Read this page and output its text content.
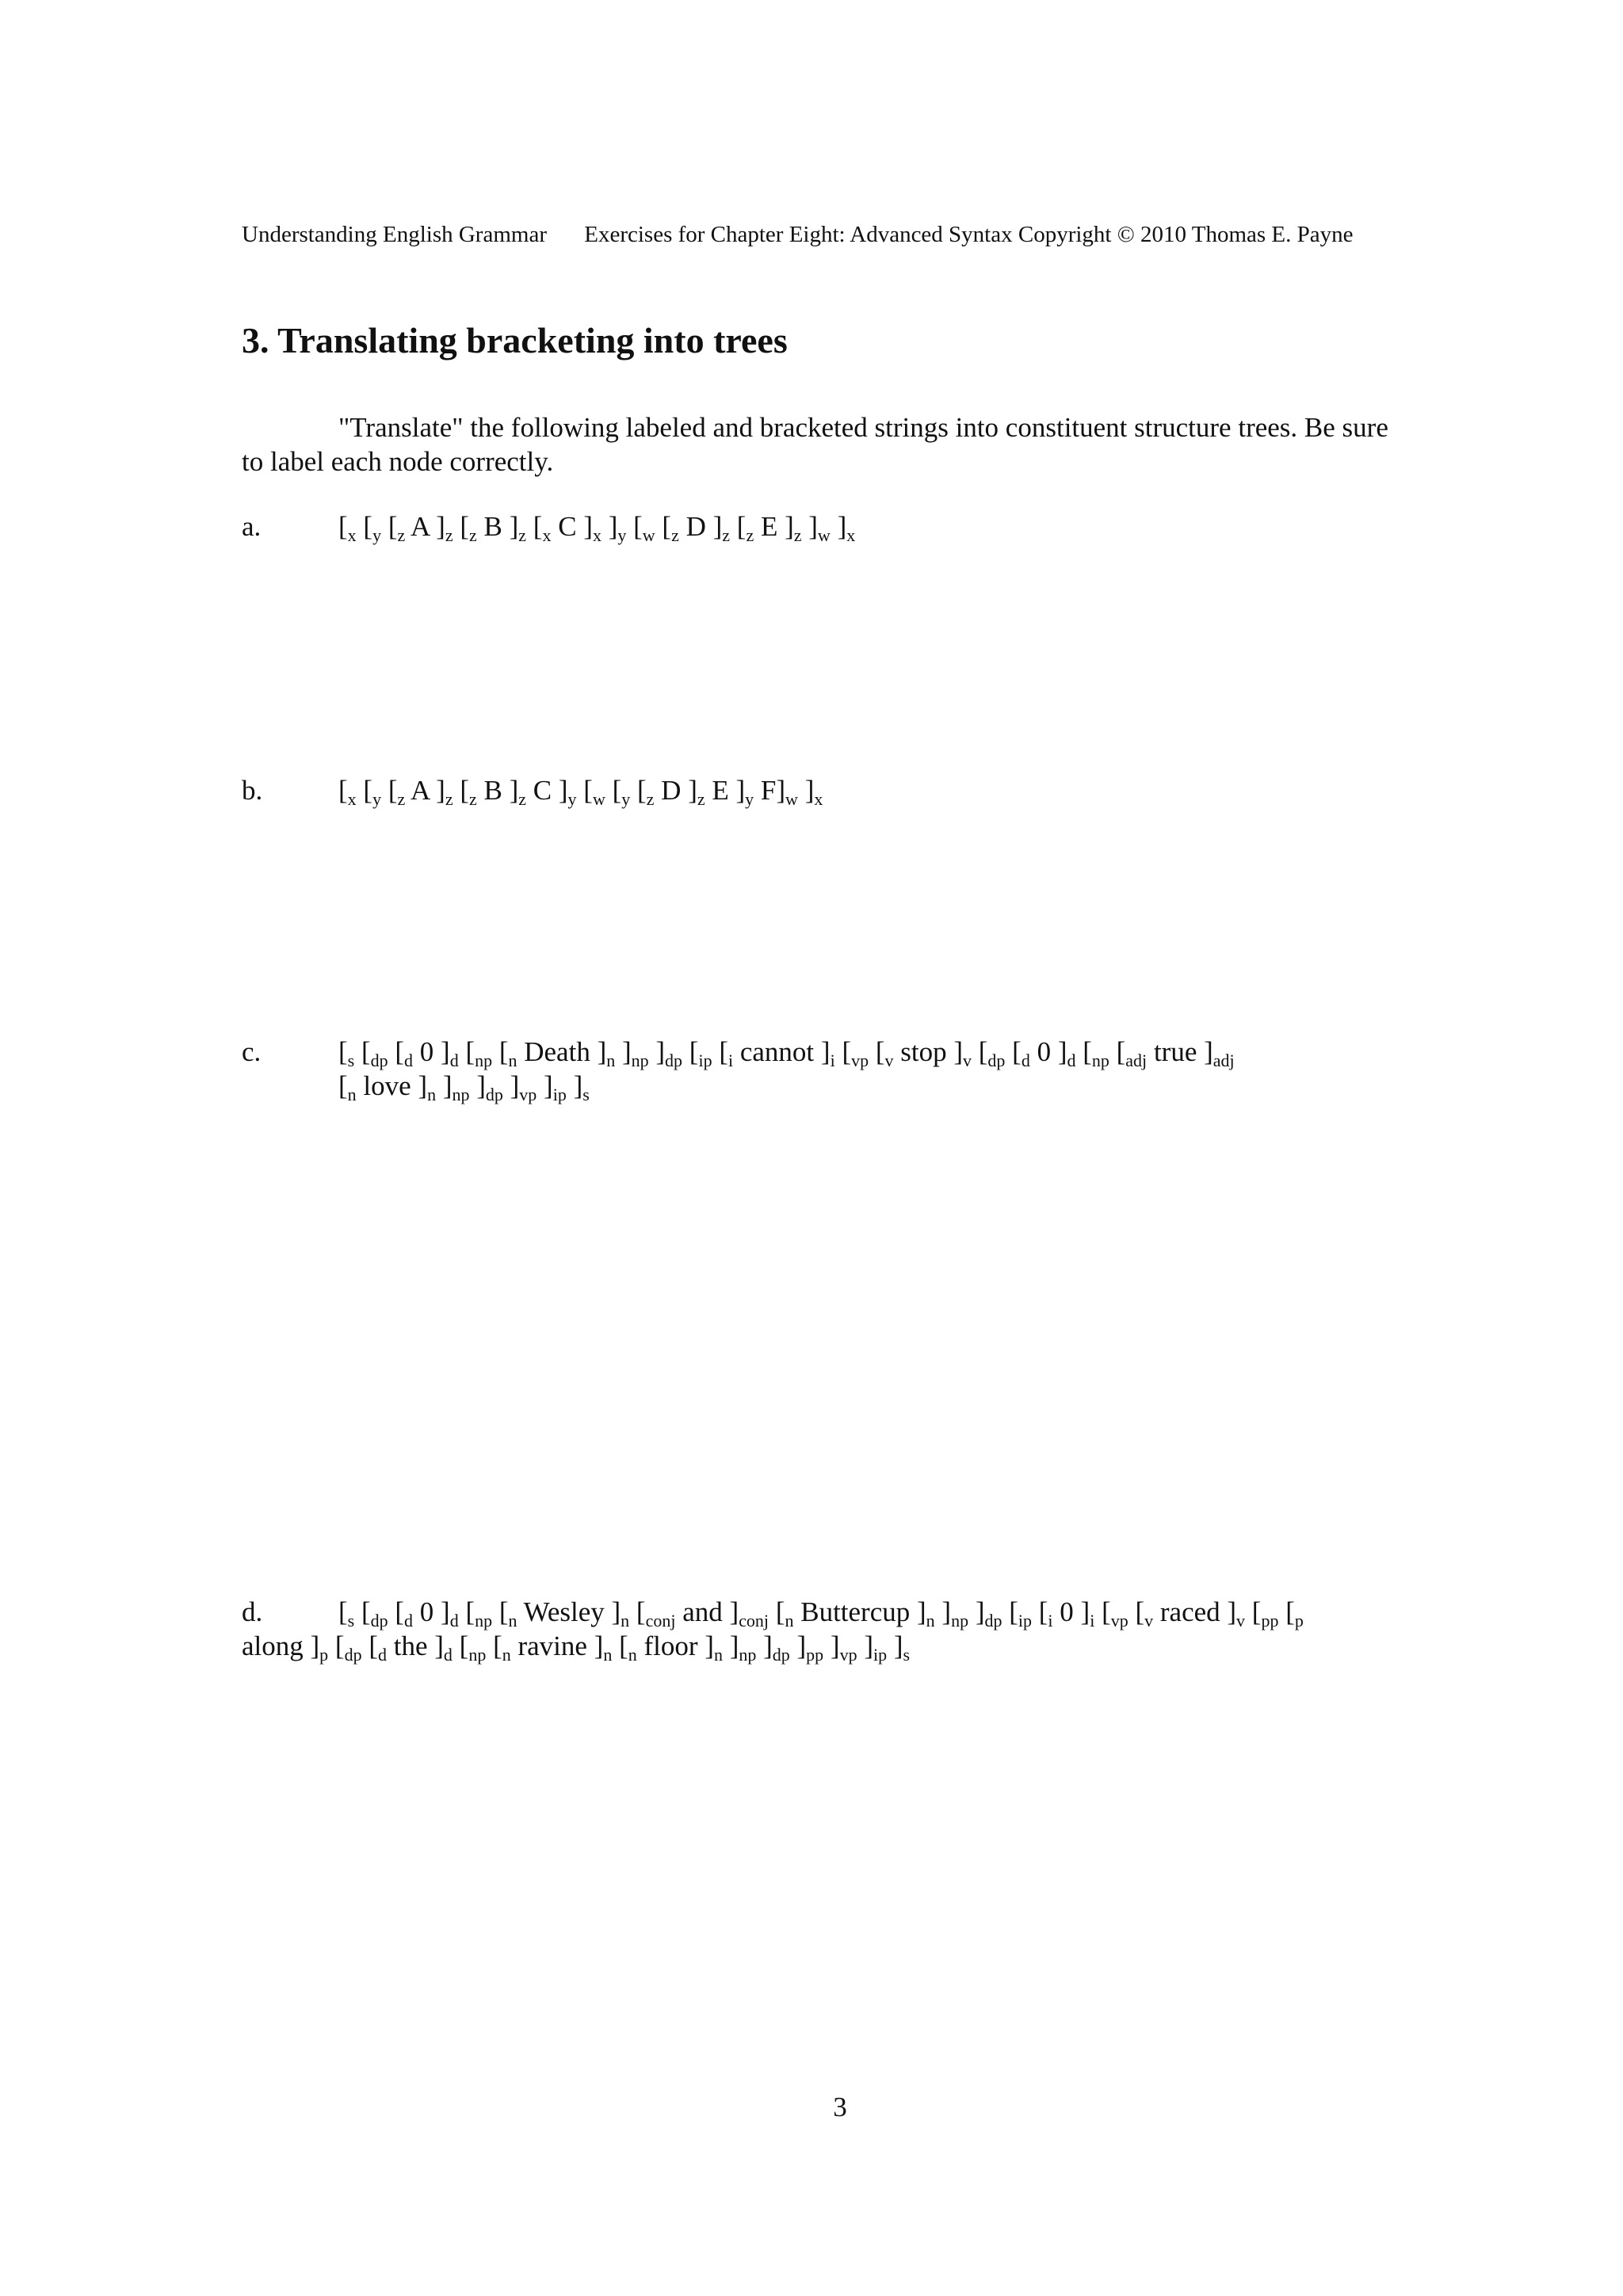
Understanding English Grammar Exercises for Chapter Eight: Advanced Syntax Copyright © 2010 Thomas E. Payne
3. Translating bracketing into trees
"Translate" the following labeled and bracketed strings into constituent structure trees. Be sure to label each node correctly.
a.	[$_x$ [$_y$ [$_z$ A ]$_z$ [$_z$ B ]$_z$ [$_x$ C ]$_x$ ]$_y$ [$_w$ [$_z$ D ]$_z$ [$_z$ E ]$_z$ ]$_w$ ]$_x$
b.	[$_x$ [$_y$ [$_z$ A ]$_z$ [$_z$ B ]$_z$ C ]$_y$ [$_w$ [$_y$ [$_z$ D ]$_z$ E ]$_y$ $F]_w$ ]$_x$
c.	[$_s$ [$_{dp}$ [$_d$ 0 ]$_d$ [$_{np}$ [$_n$ Death ]$_n$ ]$_{np}$ ]$_{dp}$ [$_{ip}$ [$_i$ cannot ]$_i$ [$_{vp}$ [$_v$ stop ]$_v$ [$_{dp}$ [$_d$ 0 ]$_d$ [$_{np}$ [$_{adj}$ true ]$_{adj}$
[$_n$ love ]$_n$ ]$_{np}$ ]$_{dp}$ ]$_{vp}$ ]$_{ip}$ ]$_s$
d.	[$_s$ [$_{dp}$ [$_d$ 0 ]$_d$ [$_{np}$ [$_n$ Wesley ]$_n$ [$_{conj}$ and ]$_{conj}$ [$_n$ Buttercup ]$_n$ ]$_{np}$ ]$_{dp}$ [$_{ip}$ [$_i$ 0 ]$_i$ [$_{vp}$ [$_v$ raced ]$_v$ [$_{pp}$ [$_p$
along ]$_p$ [$_{dp}$ [$_d$ the ]$_d$ [$_{np}$ [$_n$ ravine ]$_n$ [$_n$ floor ]$_n$ ]$_{np}$ ]$_{dp}$ ]$_{pp}$ ]$_{vp}$ ]$_{ip}$ ]$_s$
3
